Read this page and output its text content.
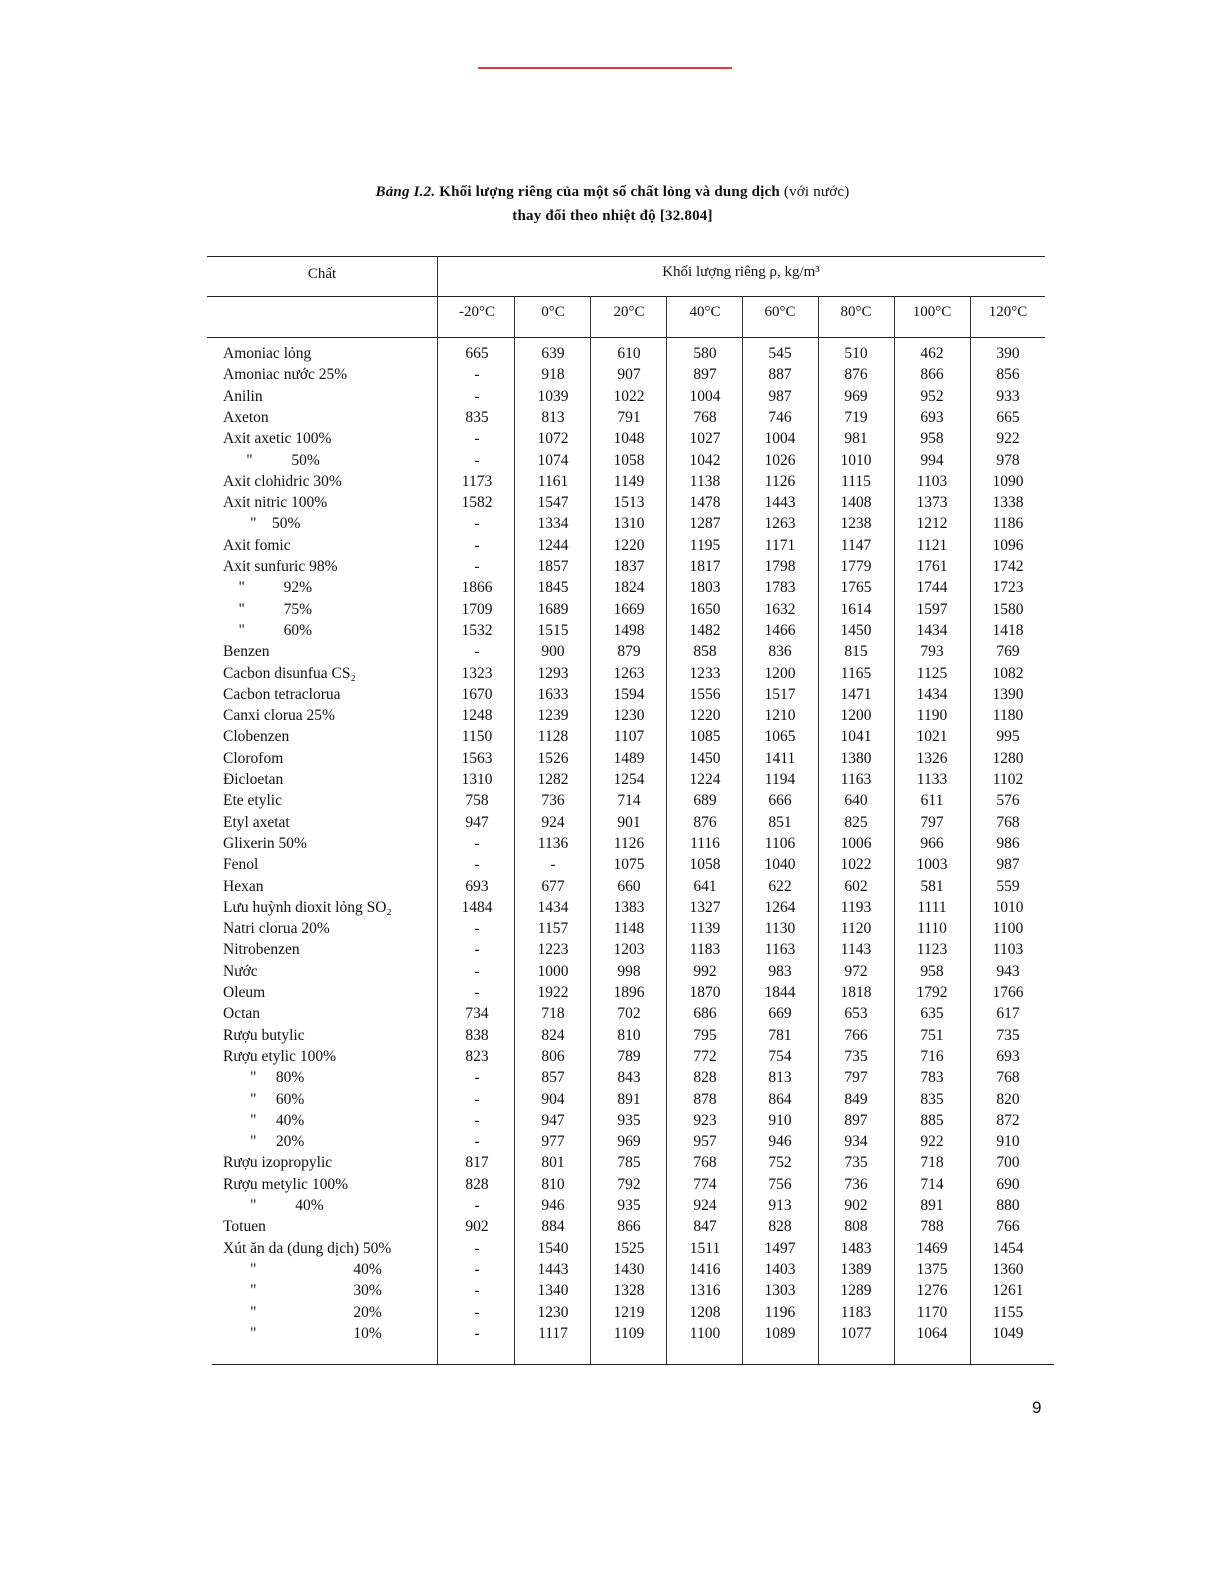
Bảng I.2. Khối lượng riêng của một số chất lỏng và dung dịch (với nước)
thay đổi theo nhiệt độ [32.804]
Chất	Khối lượng riêng ρ, kg/m³
-20°C	0°C	20°C	40°C	60°C	80°C	100°C	120°C
Amoniac lỏng	665	639	610	580	545	510	462	390
Amoniac nước 25%	-	918	907	897	887	876	866	856
Anilin	-	1039	1022	1004	987	969	952	933
Axeton	835	813	791	768	746	719	693	665
Axit axetic 100%	-	1072	1048	1027	1004	981	958	922
"          50%	-	1074	1058	1042	1026	1010	994	978
Axit clohidric 30%	1173	1161	1149	1138	1126	1115	1103	1090
Axit nitric 100%	1582	1547	1513	1478	1443	1408	1373	1338
"    50%	-	1334	1310	1287	1263	1238	1212	1186
Axit fomic	-	1244	1220	1195	1171	1147	1121	1096
Axit sunfuric 98%	-	1857	1837	1817	1798	1779	1761	1742
"          92%	1866	1845	1824	1803	1783	1765	1744	1723
"          75%	1709	1689	1669	1650	1632	1614	1597	1580
"          60%	1532	1515	1498	1482	1466	1450	1434	1418
Benzen	-	900	879	858	836	815	793	769
Cacbon disunfua CS₂	1323	1293	1263	1233	1200	1165	1125	1082
Cacbon tetraclorua	1670	1633	1594	1556	1517	1471	1434	1390
Canxi clorua 25%	1248	1239	1230	1220	1210	1200	1190	1180
Clobenzen	1150	1128	1107	1085	1065	1041	1021	995
Clorofom	1563	1526	1489	1450	1411	1380	1326	1280
Đicloetan	1310	1282	1254	1224	1194	1163	1133	1102
Ete etylic	758	736	714	689	666	640	611	576
Etyl axetat	947	924	901	876	851	825	797	768
Glixerin 50%	-	1136	1126	1116	1106	1006	966	986
Fenol	-	-	1075	1058	1040	1022	1003	987
Hexan	693	677	660	641	622	602	581	559
Lưu huỳnh dioxit lỏng SO₂	1484	1434	1383	1327	1264	1193	1111	1010
Natri clorua 20%	-	1157	1148	1139	1130	1120	1110	1100
Nitrobenzen	-	1223	1203	1183	1163	1143	1123	1103
Nước	-	1000	998	992	983	972	958	943
Oleum	-	1922	1896	1870	1844	1818	1792	1766
Octan	734	718	702	686	669	653	635	617
Rượu butylic	838	824	810	795	781	766	751	735
Rượu etylic 100%	823	806	789	772	754	735	716	693
"     80%	-	857	843	828	813	797	783	768
"     60%	-	904	891	878	864	849	835	820
"     40%	-	947	935	923	910	897	885	872
"     20%	-	977	969	957	946	934	922	910
Rượu izopropylic	817	801	785	768	752	735	718	700
Rượu metylic 100%	828	810	792	774	756	736	714	690
"          40%	-	946	935	924	913	902	891	880
Totuen	902	884	866	847	828	808	788	766
Xút ăn da (dung dịch) 50%	-	1540	1525	1511	1497	1483	1469	1454
"                         40%	-	1443	1430	1416	1403	1389	1375	1360
"                         30%	-	1340	1328	1316	1303	1289	1276	1261
"                         20%	-	1230	1219	1208	1196	1183	1170	1155
"                         10%	-	1117	1109	1100	1089	1077	1064	1049
9
